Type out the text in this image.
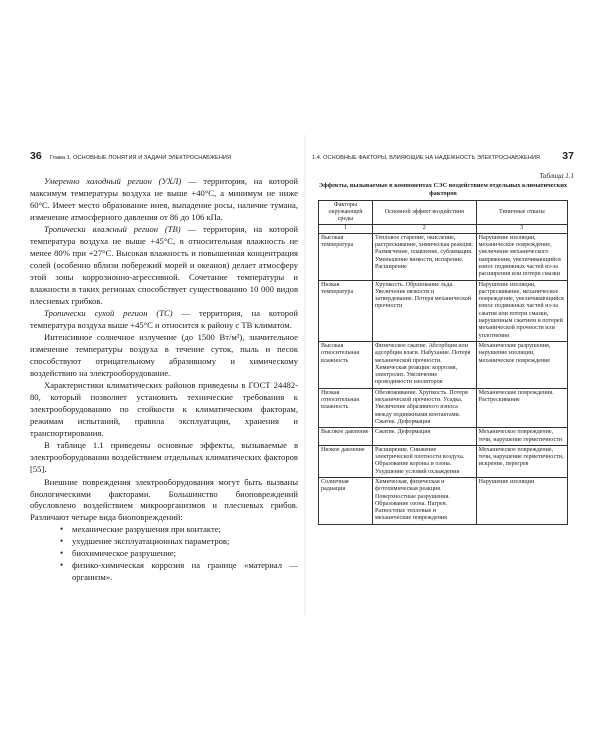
36 Глава 1. ОСНОВНЫЕ ПОНЯТИЯ И ЗАДАЧИ ЭЛЕКТРОСНАБЖЕНИЯ

Умеренно холодный регион (УХЛ) — территория, на которой максимум температуры воздуха не выше +40°С, а минимум не ниже 60°С. Имеет место образование инея, выпадение росы, наличие тумана, изменение атмосферного давления от 86 до 106 кПа.

Тропически влажный регион (ТВ) — территория, на которой температура воздуха не выше +45°С, в относительная влажность не менее 80% при +27°С. Высокая влажность и повышенная концентрация солей (особенно вблизи побережий морей и океанов) делает атмосферу этой зоны коррозионно-агрессивной. Сочетание температуры и влажности в таких регионах способствует существованию 10 000 видов плесневых грибков.

Тропически сухой регион (ТС) — территория, на которой температура воздуха выше +45°С и относится к району с ТВ климатом.

Интенсивное солнечное излучение (до 1500 Вт/м²), значительное изменение температуры воздуха в течение суток, пыль и песок способствуют отрицательному абразивному и химическому воздействию на электрооборудование.

Характеристики климатических районов приведены в ГОСТ 24482-80, который позволяет установить технические требования к электрооборудованию по стойкости к климатическим факторам, режимам испытаний, правила эксплуатации, хранения и транспортирования.

В таблице 1.1 приведены основные эффекты, вызываемые в электрооборудовании воздействием отдельных климатических факторов [55].

Внешние повреждения электрооборудования могут быть вызваны биологическими факторами. Большинство биоповреждений обусловлено воздействием микроорганизмов и плесневых грибов. Различают четыре вида биоповреждений:

• механические разрушения при контакте;
• ухудшение эксплуатационных параметров;
• биохимическое разрушение;
• физико-химическая коррозия на границе «материал — организм».
1.4. ОСНОВНЫЕ ФАКТОРЫ, ВЛИЯЮЩИЕ НА НАДЕЖНОСТЬ ЭЛЕКТРОСНАБЖЕНИЯ 37
Таблица 1.1
Эффекты, вызываемые в компонентах СЭС воздействием отдельных климатических факторов
Факторы окружающей среды	Основной эффект воздействия	Типичные отказы
1	2	3
Высокая температура	Тепловое старение, окисление, растрескивание, химическая реакция. Размягчение, плавление, сублимация. Уменьшение вязкости, испарение. Расширение	Нарушение изоляции, механическое повреждение, увеличение механического напряжения, увеличивающийся износ подвижных частей из-за расширения или потери смазки
Низкая температура	Хрупкость. Образование льда. Увеличение вязкости и затвердевание. Потеря механической прочности	Нарушение изоляции, растрескивание, механическое повреждение, увеличивающийся износ подвижных частей из-за сжатия или потери смазки, нарушенным сжатием и потерей механической прочности или уплотнения
Высокая относительная влажность	Физическое сжатие. Абсорбция или адсорбция влаги. Набухание. Потеря механической прочности. Химическая реакция: коррозия, электролиз. Увеличение проводимости изоляторов	Механические разрушения, нарушение изоляции, механическое повреждение
Низкая относительная влажность	Обезвоживание. Хрупкость. Потеря механической прочности. Усадка. Увеличение абразивного износа между подвижными контактами. Сжатие. Деформация	Механические повреждения. Растрескивание
Высокое давление	Сжатие. Деформация	Механическое повреждение, течи, нарушение герметичности
Низкое давление	Расширение. Снижение электрической плотности воздуха. Образование короны и озона. Ухудшение условий охлаждения	Механическое повреждение, течи, нарушение герметичности, искрение, перегрев
Солнечная радиация	Химическая, физическая и фотохимическая реакция. Поверхностные разрушения. Образование озона. Нагрев. Разностные тепловые и механические повреждения	Нарушение изоляции
